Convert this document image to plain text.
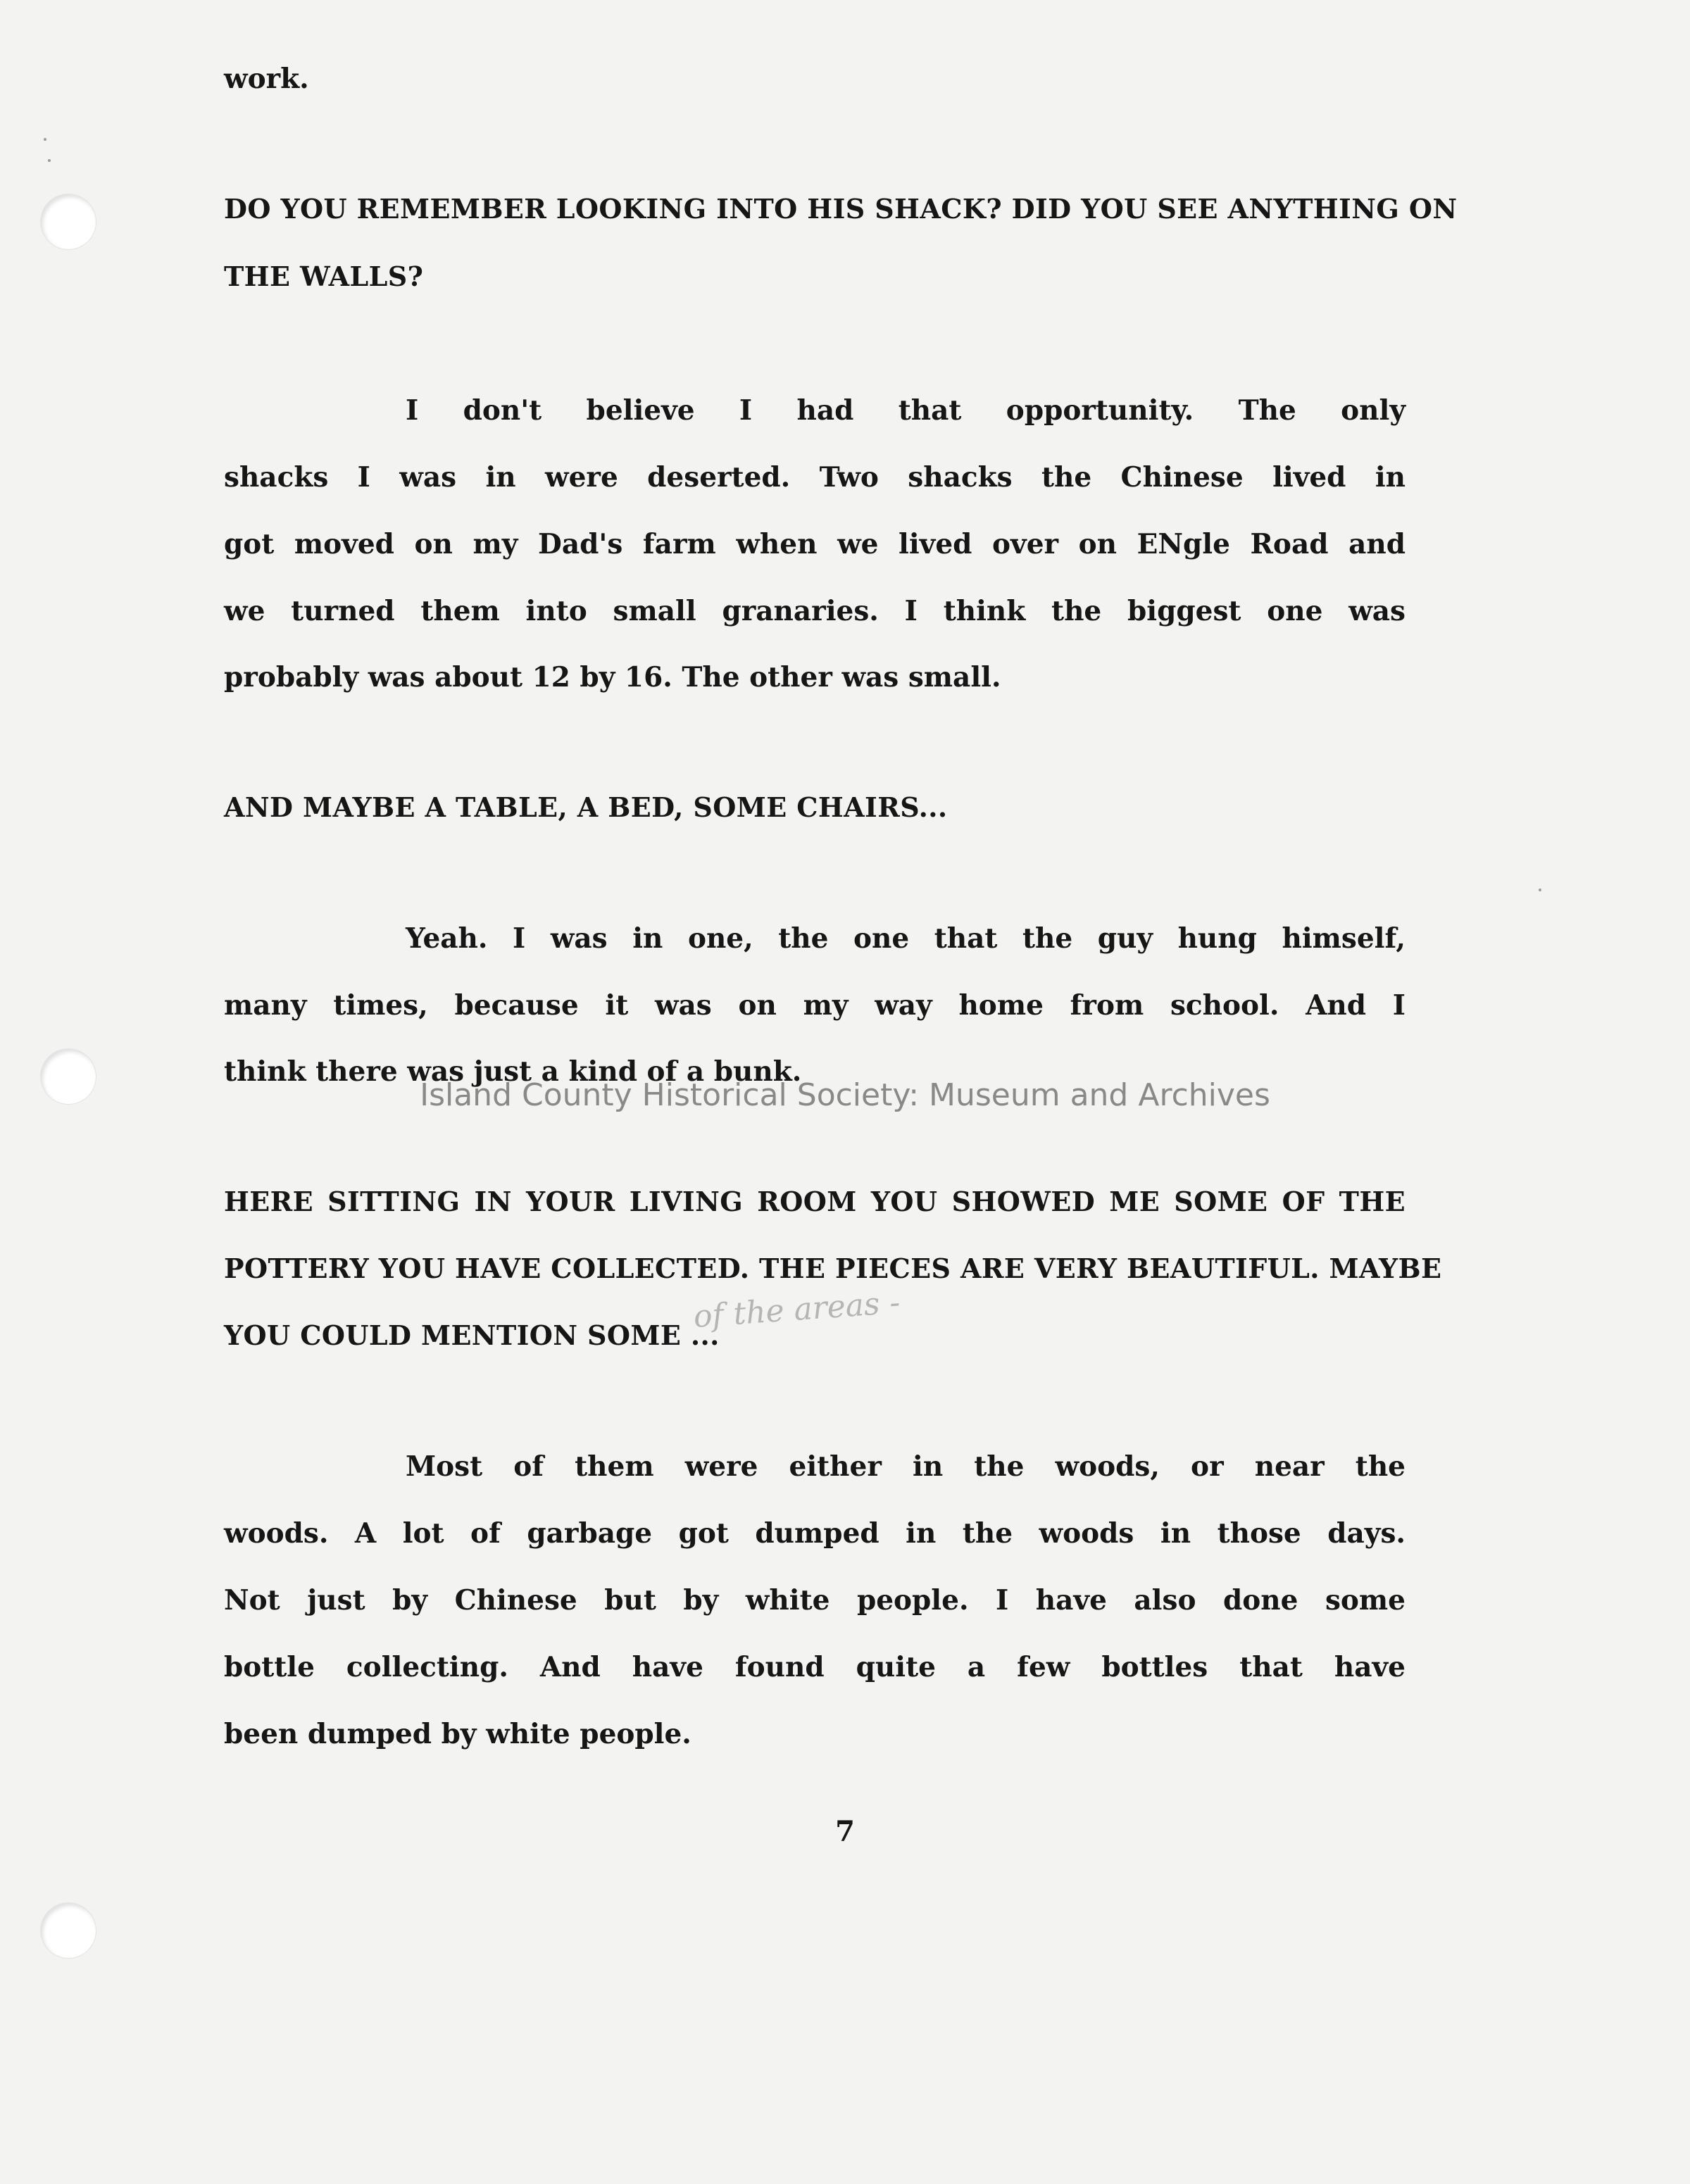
work.
DO YOU REMEMBER LOOKING INTO HIS SHACK? DID YOU SEE ANYTHING ON
THE WALLS?
I don't believe I had that opportunity. The only
shacks I was in were deserted. Two shacks the Chinese lived in
got moved on my Dad's farm when we lived over on ENgle Road and
we turned them into small granaries. I think the biggest one was
probably was about 12 by 16. The other was small.
AND MAYBE A TABLE, A BED, SOME CHAIRS...
Yeah. I was in one, the one that the guy hung himself,
many times, because it was on my way home from school. And I
think there was just a kind of a bunk.
HERE SITTING IN YOUR LIVING ROOM YOU SHOWED ME SOME OF THE
POTTERY YOU HAVE COLLECTED. THE PIECES ARE VERY BEAUTIFUL. MAYBE
YOU COULD MENTION SOME ...
Most of them were either in the woods, or near the
woods. A lot of garbage got dumped in the woods in those days.
Not just by Chinese but by white people. I have also done some
bottle collecting. And have found quite a few bottles that have
been dumped by white people.
of the areas -
Island County Historical Society: Museum and Archives
7
